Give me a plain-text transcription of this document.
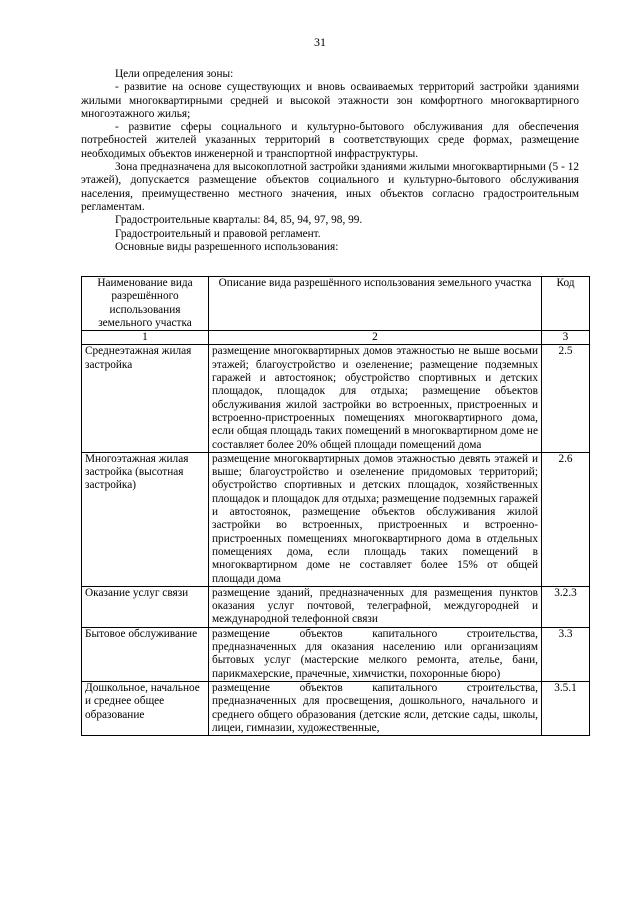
31

Цели определения зоны:

- развитие на основе существующих и вновь осваиваемых территорий застройки зданиями жилыми многоквартирными средней и высокой этажности зон комфортного многоквартирного многоэтажного жилья;

- развитие сферы социального и культурно-бытового обслуживания для обеспечения потребностей жителей указанных территорий в соответствующих среде формах, размещение необходимых объектов инженерной и транспортной инфраструктуры.

Зона предназначена для высокоплотной застройки зданиями жилыми многоквартирными (5 - 12 этажей), допускается размещение объектов социального и культурно-бытового обслуживания населения, преимущественно местного значения, иных объектов согласно градостроительным регламентам.

Градостроительные кварталы: 84, 85, 94, 97, 98, 99.

Градостроительный и правовой регламент.

Основные виды разрешенного использования:

Наименование вида разрешённого использования земельного участка	Описание вида разрешённого использования земельного участка	Код
1	2	3
Среднеэтажная жилая застройка	размещение многоквартирных домов этажностью не выше восьми этажей; благоустройство и озеленение; размещение подземных гаражей и автостоянок; обустройство спортивных и детских площадок, площадок для отдыха; размещение объектов обслуживания жилой застройки во встроенных, пристроенных и встроенно-пристроенных помещениях многоквартирного дома, если общая площадь таких помещений в многоквартирном доме не составляет более 20% общей площади помещений дома	2.5
Многоэтажная жилая застройка (высотная застройка)	размещение многоквартирных домов этажностью девять этажей и выше; благоустройство и озеленение придомовых территорий; обустройство спортивных и детских площадок, хозяйственных площадок и площадок для отдыха; размещение подземных гаражей и автостоянок, размещение объектов обслуживания жилой застройки во встроенных, пристроенных и встроенно-пристроенных помещениях многоквартирного дома в отдельных помещениях дома, если площадь таких помещений в многоквартирном доме не составляет более 15% от общей площади дома	2.6
Оказание услуг связи	размещение зданий, предназначенных для размещения пунктов оказания услуг почтовой, телеграфной, междугородней и международной телефонной связи	3.2.3
Бытовое обслуживание	размещение объектов капитального строительства, предназначенных для оказания населению или организациям бытовых услуг (мастерские мелкого ремонта, ателье, бани, парикмахерские, прачечные, химчистки, похоронные бюро)	3.3
Дошкольное, начальное и среднее общее образование	размещение объектов капитального строительства, предназначенных для просвещения, дошкольного, начального и среднего общего образования (детские ясли, детские сады, школы, лицеи, гимназии, художественные,	3.5.1
